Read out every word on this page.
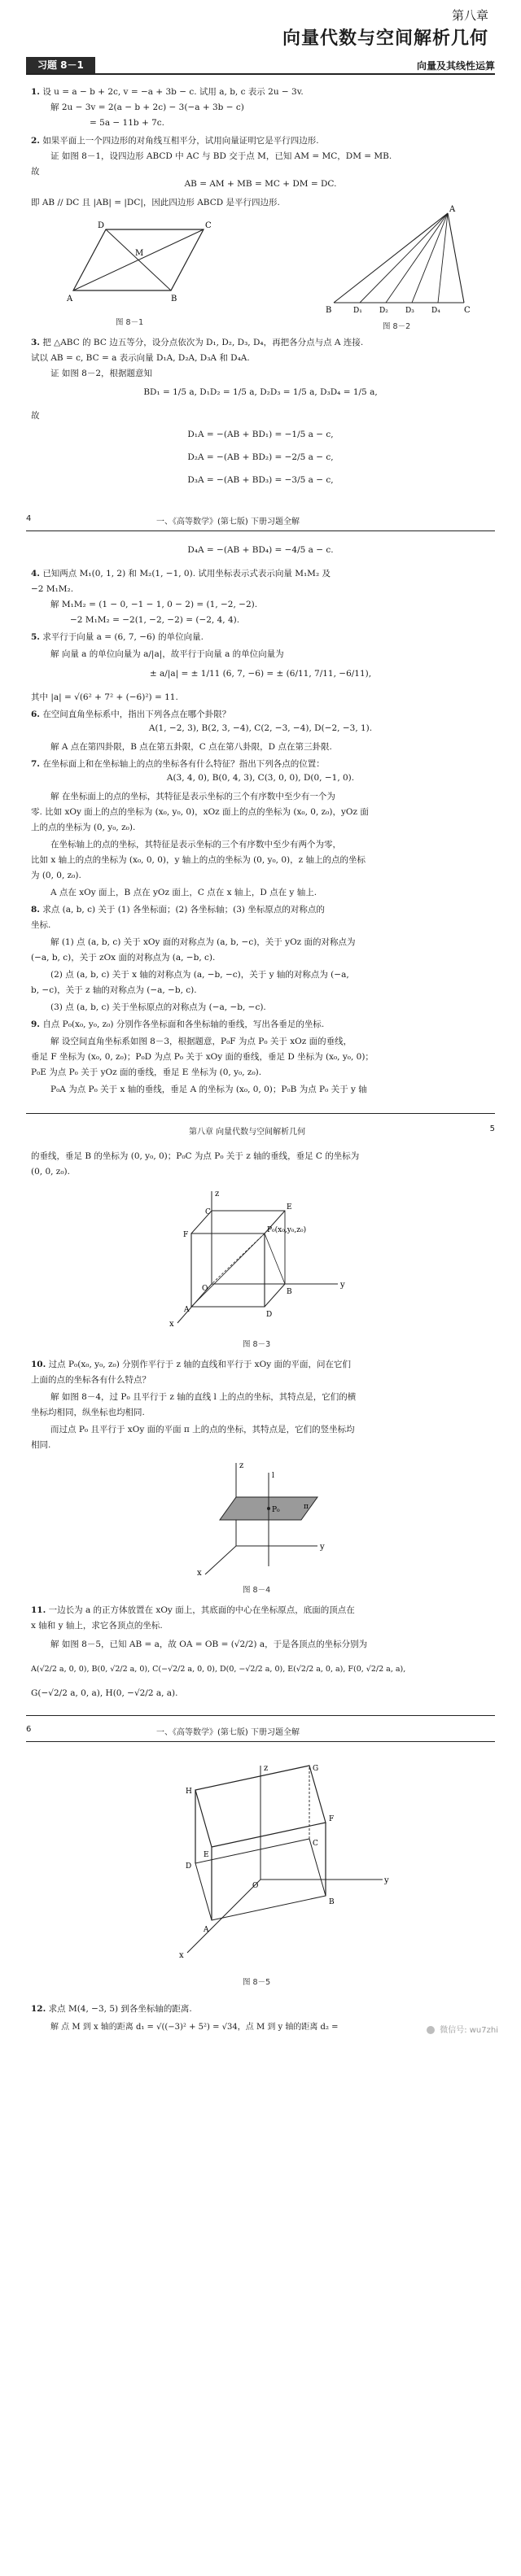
第八章
向量代数与空间解析几何
习题 8－1	向量及其线性运算
1. 设 u = a − b + 2c, v = −a + 3b − c. 试用 a, b, c 表示 2u − 3v.
解 2u − 3v = 2(a − b + 2c) − 3(−a + 3b − c)
= 5a − 11b + 7c.
2. 如果平面上一个四边形的对角线互相平分，试用向量证明它是平行四边形.
证 如图 8－1，设四边形 ABCD 中 AC 与 BD 交于点 M，已知 AM = MC，DM = MB.
故
AB = AM + MB = MC + DM = DC.
即 AB // DC 且 |AB| = |DC|，因此四边形 ABCD 是平行四边形.
A	B
C
D
M
图 8－1
A
B	D₁ D₂ D₃ D₄	C
图 8－2
3. 把 △ABC 的 BC 边五等分，设分点依次为 D₁, D₂, D₃, D₄，再把各分点与点 A 连接.
试以 AB = c, BC = a 表示向量 D₁A, D₂A, D₃A 和 D₄A.
证 如图 8－2，根据题意知
BD₁ = 1/5 a, D₁D₂ = 1/5 a, D₂D₃ = 1/5 a, D₃D₄ = 1/5 a,
故
D₁A = −(AB + BD₁) = −1/5 a − c,
D₂A = −(AB + BD₂) = −2/5 a − c,
D₃A = −(AB + BD₃) = −3/5 a − c,
4	一、《高等数学》(第七版) 下册习题全解
D₄A = −(AB + BD₄) = −4/5 a − c.
4. 已知两点 M₁(0, 1, 2) 和 M₂(1, −1, 0). 试用坐标表示式表示向量 M₁M₂ 及
−2 M₁M₂.
解 M₁M₂ = (1 − 0, −1 − 1, 0 − 2) = (1, −2, −2).
−2 M₁M₂ = −2(1, −2, −2) = (−2, 4, 4).
5. 求平行于向量 a = (6, 7, −6) 的单位向量.
解 向量 a 的单位向量为 a/|a|，故平行于向量 a 的单位向量为
± a/|a| = ± 1/11 (6, 7, −6) = ± (6/11, 7/11, −6/11),
其中 |a| = √(6² + 7² + (−6)²) = 11.
6. 在空间直角坐标系中，指出下列各点在哪个卦限？
A(1, −2, 3), B(2, 3, −4), C(2, −3, −4), D(−2, −3, 1).
解 A 点在第四卦限，B 点在第五卦限，C 点在第八卦限，D 点在第三卦限.
7. 在坐标面上和在坐标轴上的点的坐标各有什么特征？指出下列各点的位置：
A(3, 4, 0), B(0, 4, 3), C(3, 0, 0), D(0, −1, 0).
解 在坐标面上的点的坐标，其特征是表示坐标的三个有序数中至少有一个为
零. 比如 xOy 面上的点的坐标为 (x₀, y₀, 0)，xOz 面上的点的坐标为 (x₀, 0, z₀)，yOz 面
上的点的坐标为 (0, y₀, z₀).
在坐标轴上的点的坐标，其特征是表示坐标的三个有序数中至少有两个为零，
比如 x 轴上的点的坐标为 (x₀, 0, 0)，y 轴上的点的坐标为 (0, y₀, 0)，z 轴上的点的坐标
为 (0, 0, z₀).
A 点在 xOy 面上，B 点在 yOz 面上，C 点在 x 轴上，D 点在 y 轴上.
8. 求点 (a, b, c) 关于 (1) 各坐标面；(2) 各坐标轴；(3) 坐标原点的对称点的
坐标.
解 (1) 点 (a, b, c) 关于 xOy 面的对称点为 (a, b, −c)，关于 yOz 面的对称点为
(−a, b, c)，关于 zOx 面的对称点为 (a, −b, c).
(2) 点 (a, b, c) 关于 x 轴的对称点为 (a, −b, −c)，关于 y 轴的对称点为 (−a,
b, −c)，关于 z 轴的对称点为 (−a, −b, c).
(3) 点 (a, b, c) 关于坐标原点的对称点为 (−a, −b, −c).
9. 自点 P₀(x₀, y₀, z₀) 分别作各坐标面和各坐标轴的垂线，写出各垂足的坐标.
解 设空间直角坐标系如图 8－3，根据题意，P₀F 为点 P₀ 关于 xOz 面的垂线，
垂足 F 坐标为 (x₀, 0, z₀)；P₀D 为点 P₀ 关于 xOy 面的垂线，垂足 D 坐标为 (x₀, y₀, 0)；
P₀E 为点 P₀ 关于 yOz 面的垂线，垂足 E 坐标为 (0, y₀, z₀).
P₀A 为点 P₀ 关于 x 轴的垂线，垂足 A 的坐标为 (x₀, 0, 0)；P₀B 为点 P₀ 关于 y 轴
第八章 向量代数与空间解析几何	5
的垂线，垂足 B 的坐标为 (0, y₀, 0)；P₀C 为点 P₀ 关于 z 轴的垂线，垂足 C 的坐标为
(0, 0, z₀).
z
y
x
O
P₀(x₀,y₀,z₀)
C
F
E
B
A
D
图 8－3
10. 过点 P₀(x₀, y₀, z₀) 分别作平行于 z 轴的直线和平行于 xOy 面的平面，问在它们
上面的点的坐标各有什么特点？
解 如图 8－4，过 P₀ 且平行于 z 轴的直线 l 上的点的坐标，其特点是，它们的横
坐标均相同，纵坐标也均相同.
而过点 P₀ 且平行于 xOy 面的平面 π 上的点的坐标，其特点是，它们的竖坐标均
相同.
z
y
x
P₀	π
l
图 8－4
11. 一边长为 a 的正方体放置在 xOy 面上，其底面的中心在坐标原点，底面的顶点在
x 轴和 y 轴上，求它各顶点的坐标.
解 如图 8－5，已知 AB = a，故 OA = OB = (√2/2) a，于是各顶点的坐标分别为
A(√2/2 a, 0, 0), B(0, √2/2 a, 0), C(−√2/2 a, 0, 0), D(0, −√2/2 a, 0), E(√2/2 a, 0, a), F(0, √2/2 a, a),
G(−√2/2 a, 0, a), H(0, −√2/2 a, a).
6	一、《高等数学》(第七版) 下册习题全解
z
y
x
O
A
B
C
D
E
F
G
H
图 8－5
12. 求点 M(4, −3, 5) 到各坐标轴的距离.
解 点 M 到 x 轴的距离 d₁ = √((−3)² + 5²) = √34，点 M 到 y 轴的距离 d₂ =	微信号: wu7zhi
